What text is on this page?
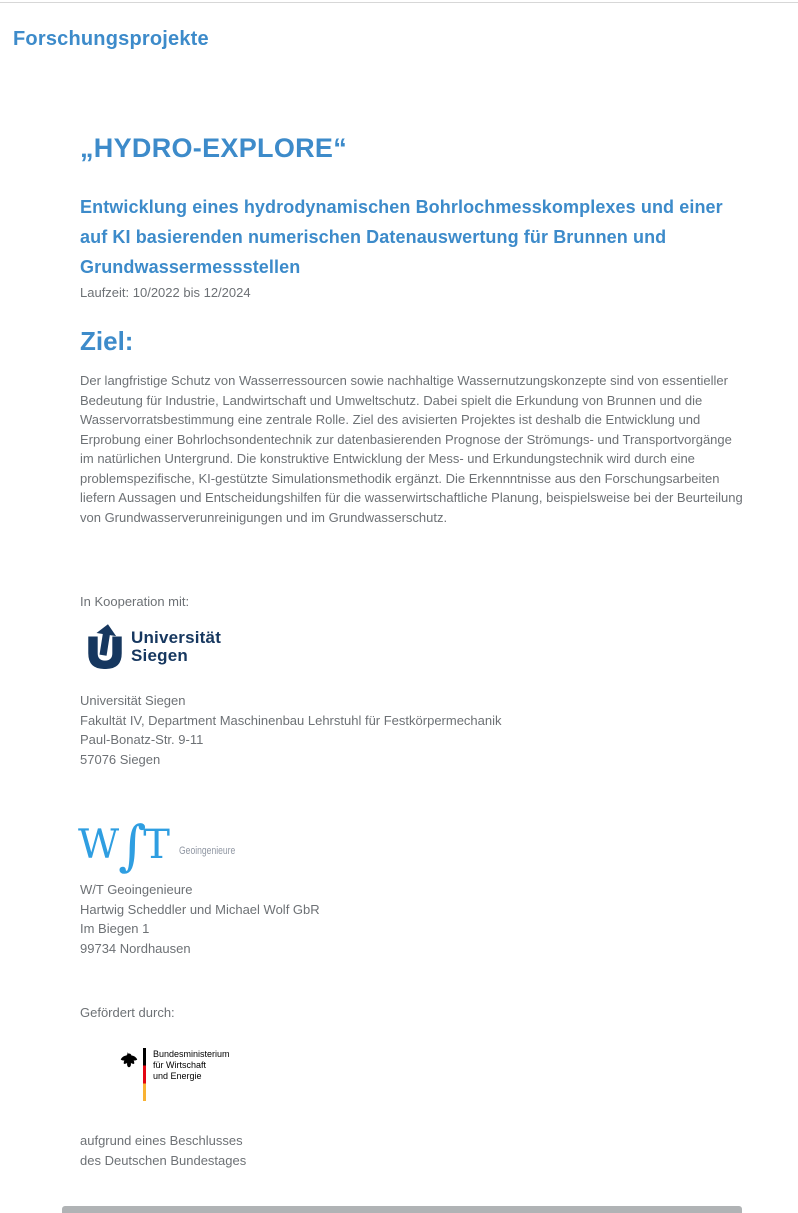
Forschungsprojekte
„HYDRO-EXPLORE“
Entwicklung eines hydrodynamischen Bohrlochmesskomplexes und einer auf KI basierenden numerischen Datenauswertung für Brunnen und Grundwassermessstellen
Laufzeit: 10/2022 bis 12/2024
Ziel:

Der langfristige Schutz von Wasserressourcen sowie nachhaltige Wassernutzungskonzepte sind von essentieller Bedeutung für Industrie, Landwirtschaft und Umweltschutz. Dabei spielt die Erkundung von Brunnen und die Wasservorratsbestimmung eine zentrale Rolle. Ziel des avisierten Projektes ist deshalb die Entwicklung und Erprobung einer Bohrlochsondentechnik zur datenbasierenden Prognose der Strömungs- und Transportvorgänge im natürlichen Untergrund. Die konstruktive Entwicklung der Mess- und Erkundungstechnik wird durch eine problemspezifische, KI-gestützte Simulationsmethodik ergänzt. Die Erkennntnisse aus den Forschungsarbeiten liefern Aussagen und Entscheidungshilfen für die wasserwirtschaftliche Planung, beispielsweise bei der Beurteilung von Grundwasserverunreinigungen und im Grundwasserschutz.

In Kooperation mit:
Universität
Siegen
Universität Siegen
Fakultät IV, Department Maschinenbau Lehrstuhl für Festkörpermechanik
Paul-Bonatz-Str. 9-11
57076 Siegen
W∫T Geoingenieure
W/T Geoingenieure
Hartwig Scheddler und Michael Wolf GbR
Im Biegen 1
99734 Nordhausen
Gefördert durch:
Bundesministerium
für Wirtschaft
und Energie
aufgrund eines Beschlusses
des Deutschen Bundestages
